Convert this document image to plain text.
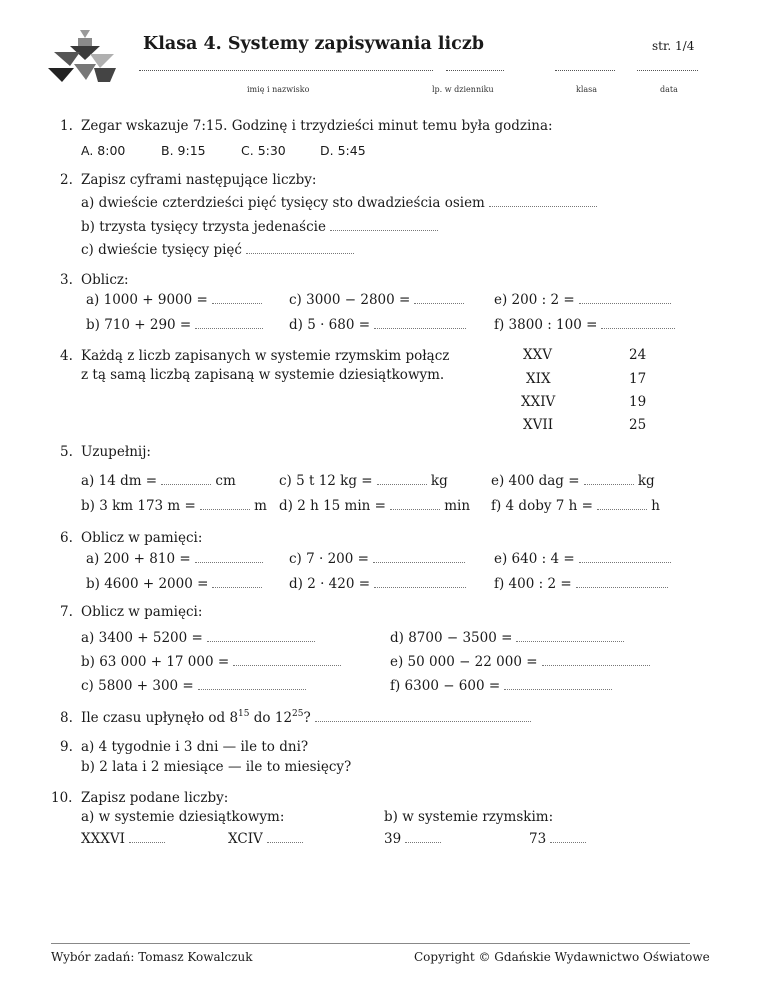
Klasa 4. Systemy zapisywania liczb	str. 1/4
imię i nazwisko	lp. w dzienniku	klasa	data
1. Zegar wskazuje 7:15. Godzinę i trzydzieści minut temu była godzina:
A. 8:00	B. 9:15	C. 5:30	D. 5:45
2. Zapisz cyframi następujące liczby:
a) dwieście czterdzieści pięć tysięcy sto dwadzieścia osiem
b) trzysta tysięcy trzysta jedenaście
c) dwieście tysięcy pięć
3. Oblicz:
a) 1000 + 9000 =	c) 3000 − 2800 =	e) 200 : 2 =
b) 710 + 290 =	d) 5 · 680 =	f) 3800 : 100 =
4. Każdą z liczb zapisanych w systemie rzymskim połącz
z tą samą liczbą zapisaną w systemie dziesiątkowym.
XXV
XIX
XXIV
XVII
24
17
19
25
5. Uzupełnij:
a) 14 dm =	cm	c) 5 t 12 kg =	kg	e) 400 dag =	kg
b) 3 km 173 m =	m d) 2 h 15 min =	min f) 4 doby 7 h =	h
6. Oblicz w pamięci:
a) 200 + 810 =	c) 7 · 200 =	e) 640 : 4 =
b) 4600 + 2000 =	d) 2 · 420 =	f) 400 : 2 =
7. Oblicz w pamięci:
a) 3400 + 5200 =	d) 8700 − 3500 =
b) 63 000 + 17 000 =	e) 50 000 − 22 000 =
c) 5800 + 300 =	f) 6300 − 600 =
8. Ile czasu upłynęło od $8^{15}$ do $12^{25}$?
9. a) 4 tygodnie i 3 dni — ile to dni?
b) 2 lata i 2 miesiące — ile to miesięcy?
10. Zapisz podane liczby:
a) w systemie dziesiątkowym:	b) w systemie rzymskim:
XXXVI	XCIV	39	73
Wybór zadań: Tomasz Kowalczuk	Copyright © Gdańskie Wydawnictwo Oświatowe
